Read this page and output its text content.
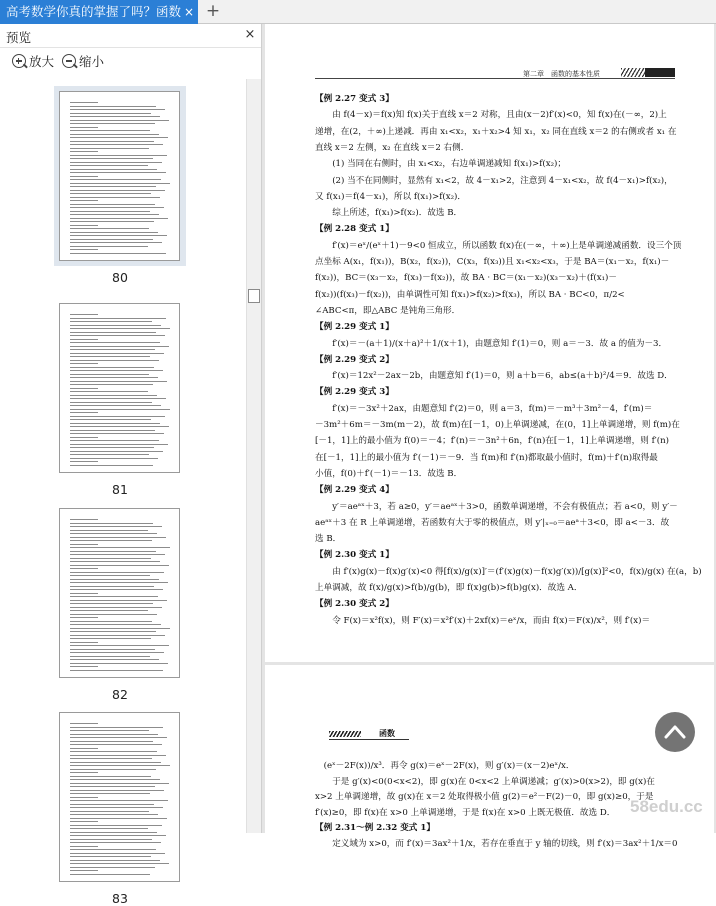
高考数学你真的掌握了吗？函数 × +
预览	×
放大	缩小
80
81
82
83
第二章　函数的基本性质
【例 2.27 变式 3】
　　由 f(4－x)＝f(x)知 f(x)关于直线 x＝2 对称，且由(x－2)f′(x)<0，知 f(x)在(－∞，2)上
递增，在(2，＋∞)上递减．再由 x₁<x₂，x₁＋x₂>4 知 x₁，x₂ 同在直线 x＝2 的右侧或者 x₁ 在
直线 x＝2 左侧，x₂ 在直线 x＝2 右侧．
　　(1) 当同在右侧时，由 x₁<x₂，右边单调递减知 f(x₁)>f(x₂)；
　　(2) 当不在同侧时，显然有 x₁<2，故 4－x₁>2，注意到 4－x₁<x₂，故 f(4－x₁)>f(x₂)，
又 f(x₁)＝f(4－x₁)，所以 f(x₁)>f(x₂)．
　　综上所述，f(x₁)>f(x₂)．故选 B．
【例 2.28 变式 1】
　　f′(x)＝eˣ/(eˣ＋1)－9<0 恒成立，所以函数 f(x)在(－∞，＋∞)上是单调递减函数．设三个顶
点坐标 A(x₁，f(x₁))，B(x₂，f(x₂))，C(x₃，f(x₃))且 x₁<x₂<x₃，于是 BA＝(x₁－x₂，f(x₁)－
f(x₂))，BC＝(x₃－x₂，f(x₃)－f(x₂))，故 BA · BC＝(x₁－x₂)(x₃－x₂)＋(f(x₁)－
f(x₂))(f(x₃)－f(x₂))，由单调性可知 f(x₁)>f(x₂)>f(x₃)，所以 BA · BC<0，π/2<
∠ABC<π，即△ABC 是钝角三角形．
【例 2.29 变式 1】
　　f′(x)＝－(a＋1)/(x＋a)²＋1/(x＋1)，由题意知 f′(1)＝0，则 a＝－3．故 a 的值为－3．
【例 2.29 变式 2】
　　f′(x)＝12x²－2ax－2b，由题意知 f′(1)＝0，则 a＋b＝6，ab≤(a＋b)²/4＝9．故选 D．
【例 2.29 变式 3】
　　f′(x)＝－3x²＋2ax，由题意知 f′(2)＝0，则 a＝3，f(m)＝－m³＋3m²－4，f′(m)＝
－3m²＋6m＝－3m(m－2)，故 f(m)在[－1，0)上单调递减，在(0，1]上单调递增，则 f(m)在
[－1，1]上的最小值为 f(0)＝－4；f′(n)＝－3n²＋6n，f′(n)在[－1，1]上单调递增，则 f′(n)
在[－1，1]上的最小值为 f′(－1)＝－9．当 f(m)和 f′(n)都取最小值时，f(m)＋f′(n)取得最
小值，f(0)＋f′(－1)＝－13．故选 B．
【例 2.29 变式 4】
　　y′＝aeᵃˣ＋3，若 a≥0，y′＝aeᵃˣ＋3>0，函数单调递增，不会有极值点；若 a<0，则 y′－
aeᵃˣ＋3 在 R 上单调递增，若函数有大于零的极值点，则 y′|ₓ₌₀＝aeᵃ＋3<0，即 a<－3．故
选 B．
【例 2.30 变式 1】
　　由 f′(x)g(x)－f(x)g′(x)<0 得[f(x)/g(x)]′＝(f′(x)g(x)－f(x)g′(x))/[g(x)]²<0，f(x)/g(x) 在(a，b)
上单调减，故 f(x)/g(x)>f(b)/g(b)，即 f(x)g(b)>f(b)g(x)．故选 A．
【例 2.30 变式 2】
　　令 F(x)＝x²f(x)，则 F′(x)＝x²f′(x)＋2xf(x)＝eˣ/x，而由 f(x)＝F(x)/x²，则 f′(x)＝
函数
　(eˣ－2F(x))/x³．再令 g(x)＝eˣ－2F(x)，则 g′(x)＝(x－2)eˣ/x．
　　于是 g′(x)<0(0<x<2)，即 g(x)在 0<x<2 上单调递减；g′(x)>0(x>2)，即 g(x)在
x>2 上单调递增，故 g(x)在 x＝2 处取得极小值 g(2)＝e²－F(2)－0，即 g(x)≥0，于是
f′(x)≥0，即 f(x)在 x>0 上单调递增，于是 f(x)在 x>0 上既无极值．故选 D．
【例 2.31～例 2.32 变式 1】
　　定义域为 x>0，而 f′(x)＝3ax²＋1/x，若存在垂直于 y 轴的切线，则 f′(x)＝3ax²＋1/x＝0
58edu.cc
